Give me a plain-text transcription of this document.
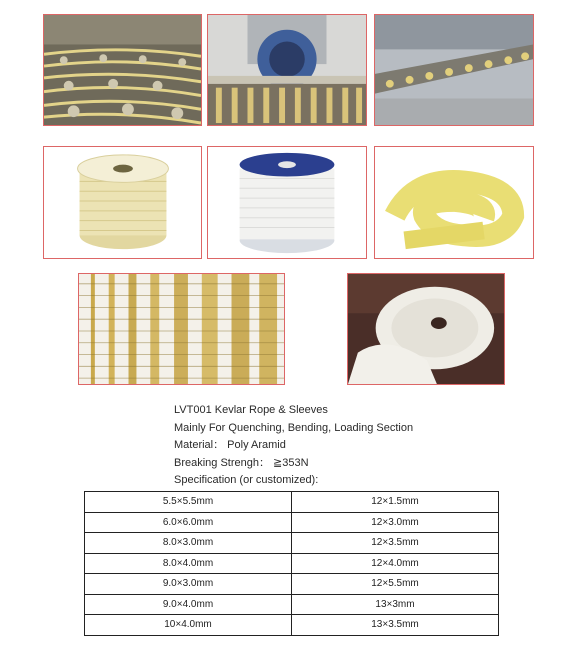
LVT001 Kevlar Rope & Sleeves
Mainly For Quenching, Bending, Loading Section
Material： Poly Aramid
Breaking Strengh： ≧353N
Specification (or customized):
5.5×5.5mm	12×1.5mm
6.0×6.0mm	12×3.0mm
8.0×3.0mm	12×3.5mm
8.0×4.0mm	12×4.0mm
9.0×3.0mm	12×5.5mm
9.0×4.0mm	13×3mm
10×4.0mm	13×3.5mm
